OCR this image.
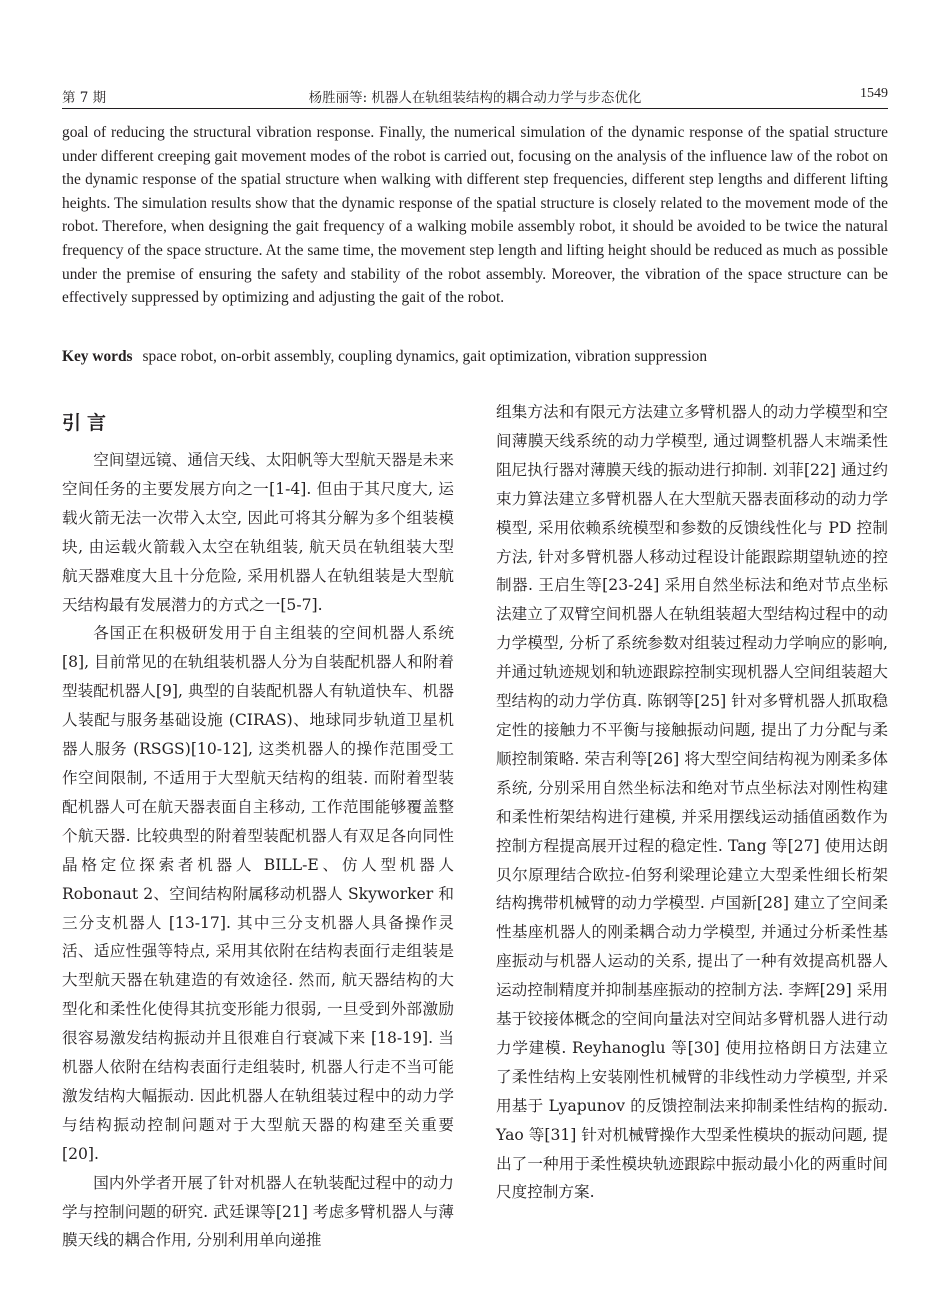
第 7 期	杨胜丽等: 机器人在轨组装结构的耦合动力学与步态优化	1549

goal of reducing the structural vibration response. Finally, the numerical simulation of the dynamic response of the spatial structure under different creeping gait movement modes of the robot is carried out, focusing on the analysis of the influence law of the robot on the dynamic response of the spatial structure when walking with different step frequencies, different step lengths and different lifting heights. The simulation results show that the dynamic response of the spatial structure is closely related to the movement mode of the robot. Therefore, when designing the gait frequency of a walking mobile assembly robot, it should be avoided to be twice the natural frequency of the space structure. At the same time, the movement step length and lifting height should be reduced as much as possible under the premise of ensuring the safety and stability of the robot assembly. Moreover, the vibration of the space structure can be effectively suppressed by optimizing and adjusting the gait of the robot.

Key words space robot, on-orbit assembly, coupling dynamics, gait optimization, vibration suppression
引言

空间望远镜、通信天线、太阳帆等大型航天器是未来空间任务的主要发展方向之一[1-4]. 但由于其尺度大, 运载火箭无法一次带入太空, 因此可将其分解为多个组装模块, 由运载火箭载入太空在轨组装, 航天员在轨组装大型航天器难度大且十分危险, 采用机器人在轨组装是大型航天结构最有发展潜力的方式之一[5-7].

各国正在积极研发用于自主组装的空间机器人系统[8], 目前常见的在轨组装机器人分为自装配机器人和附着型装配机器人[9], 典型的自装配机器人有轨道快车、机器人装配与服务基础设施 (CIRAS)、地球同步轨道卫星机器人服务 (RSGS)[10-12], 这类机器人的操作范围受工作空间限制, 不适用于大型航天结构的组装. 而附着型装配机器人可在航天器表面自主移动, 工作范围能够覆盖整个航天器. 比较典型的附着型装配机器人有双足各向同性晶格定位探索者机器人 BILL-E、仿人型机器人 Robonaut 2、空间结构附属移动机器人 Skyworker 和三分支机器人 [13-17]. 其中三分支机器人具备操作灵活、适应性强等特点, 采用其依附在结构表面行走组装是大型航天器在轨建造的有效途径. 然而, 航天器结构的大型化和柔性化使得其抗变形能力很弱, 一旦受到外部激励很容易激发结构振动并且很难自行衰减下来 [18-19]. 当机器人依附在结构表面行走组装时, 机器人行走不当可能激发结构大幅振动. 因此机器人在轨组装过程中的动力学与结构振动控制问题对于大型航天器的构建至关重要[20].

国内外学者开展了针对机器人在轨装配过程中的动力学与控制问题的研究. 武廷课等[21] 考虑多臂机器人与薄膜天线的耦合作用, 分别利用单向递推

组集方法和有限元方法建立多臂机器人的动力学模型和空间薄膜天线系统的动力学模型, 通过调整机器人末端柔性阻尼执行器对薄膜天线的振动进行抑制. 刘菲[22] 通过约束力算法建立多臂机器人在大型航天器表面移动的动力学模型, 采用依赖系统模型和参数的反馈线性化与 PD 控制方法, 针对多臂机器人移动过程设计能跟踪期望轨迹的控制器. 王启生等[23-24] 采用自然坐标法和绝对节点坐标法建立了双臂空间机器人在轨组装超大型结构过程中的动力学模型, 分析了系统参数对组装过程动力学响应的影响, 并通过轨迹规划和轨迹跟踪控制实现机器人空间组装超大型结构的动力学仿真. 陈钢等[25] 针对多臂机器人抓取稳定性的接触力不平衡与接触振动问题, 提出了力分配与柔顺控制策略. 荣吉利等[26] 将大型空间结构视为刚柔多体系统, 分别采用自然坐标法和绝对节点坐标法对刚性构建和柔性桁架结构进行建模, 并采用摆线运动插值函数作为控制方程提高展开过程的稳定性. Tang 等[27] 使用达朗贝尔原理结合欧拉-伯努利梁理论建立大型柔性细长桁架结构携带机械臂的动力学模型. 卢国新[28] 建立了空间柔性基座机器人的刚柔耦合动力学模型, 并通过分析柔性基座振动与机器人运动的关系, 提出了一种有效提高机器人运动控制精度并抑制基座振动的控制方法. 李辉[29] 采用基于铰接体概念的空间向量法对空间站多臂机器人进行动力学建模. Reyhanoglu 等[30] 使用拉格朗日方法建立了柔性结构上安装刚性机械臂的非线性动力学模型, 并采用基于 Lyapunov 的反馈控制法来抑制柔性结构的振动. Yao 等[31] 针对机械臂操作大型柔性模块的振动问题, 提出了一种用于柔性模块轨迹跟踪中振动最小化的两重时间尺度控制方案.
